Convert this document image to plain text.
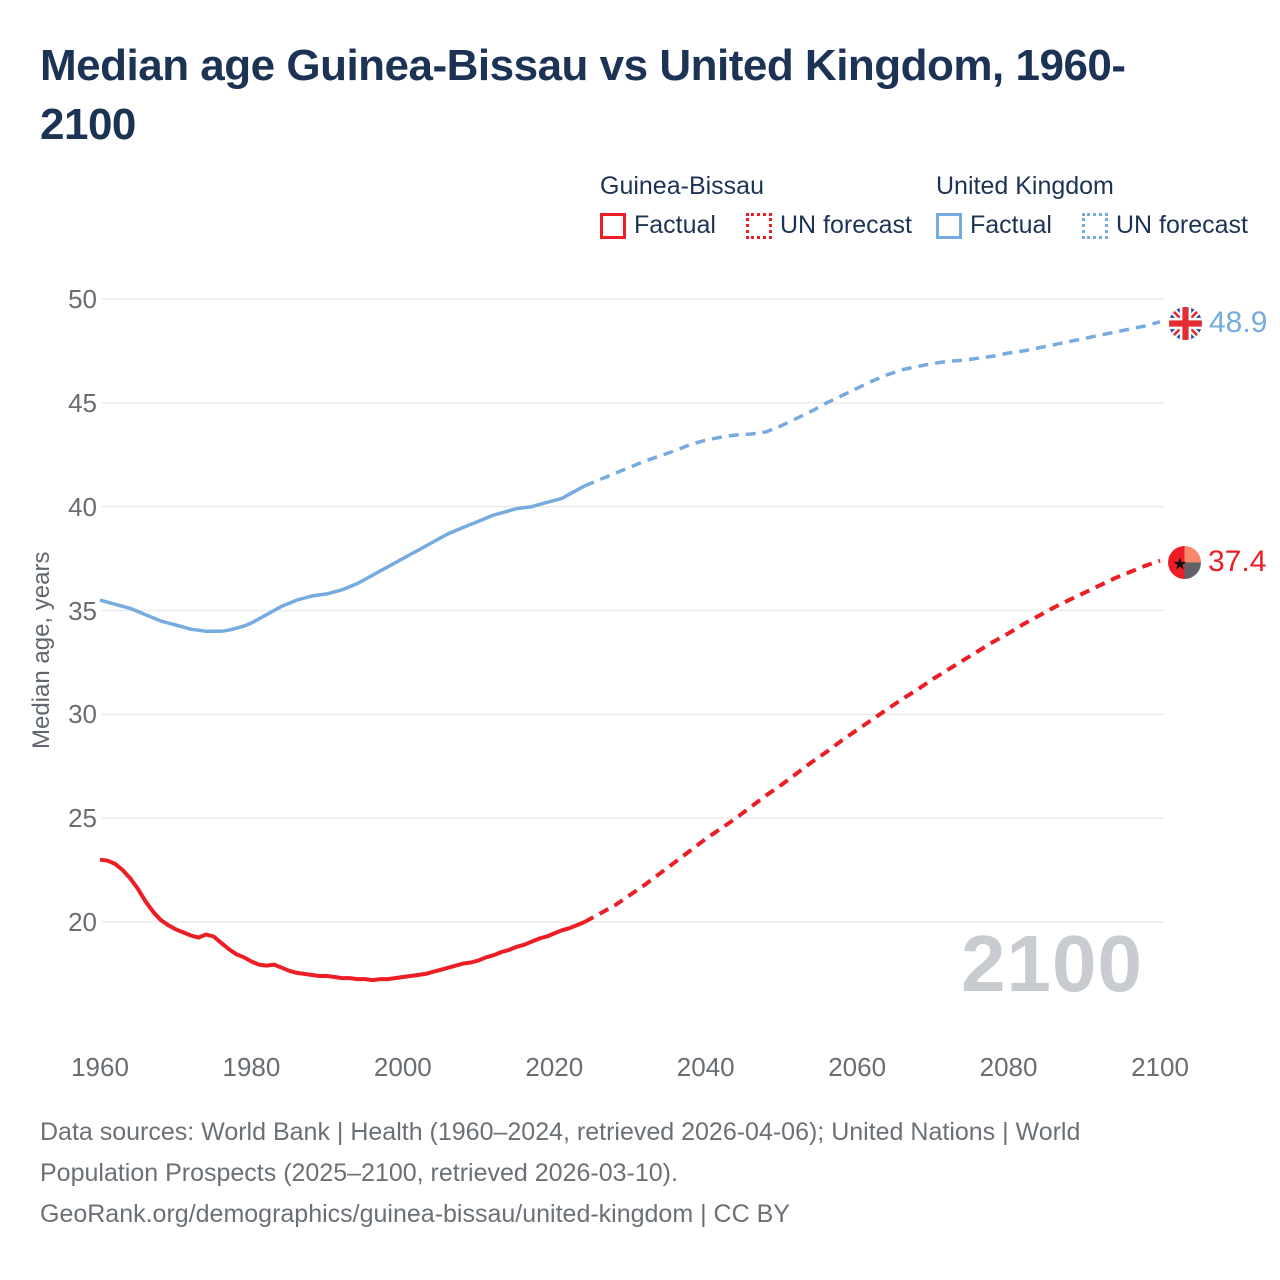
Median age Guinea-Bissau vs United Kingdom, 1960-
2100
Guinea-Bissau
Factual	UN forecast
United Kingdom
Factual	UN forecast
2100
20
25
30
35
40
45
50
1960	1980	2000	2020	2040	2060	2080	2100
Median age, years
48.9
37.4
Data sources: World Bank | Health (1960–2024, retrieved 2026-04-06); United Nations | World
Population Prospects (2025–2100, retrieved 2026-03-10).
GeoRank.org/demographics/guinea-bissau/united-kingdom | CC BY
